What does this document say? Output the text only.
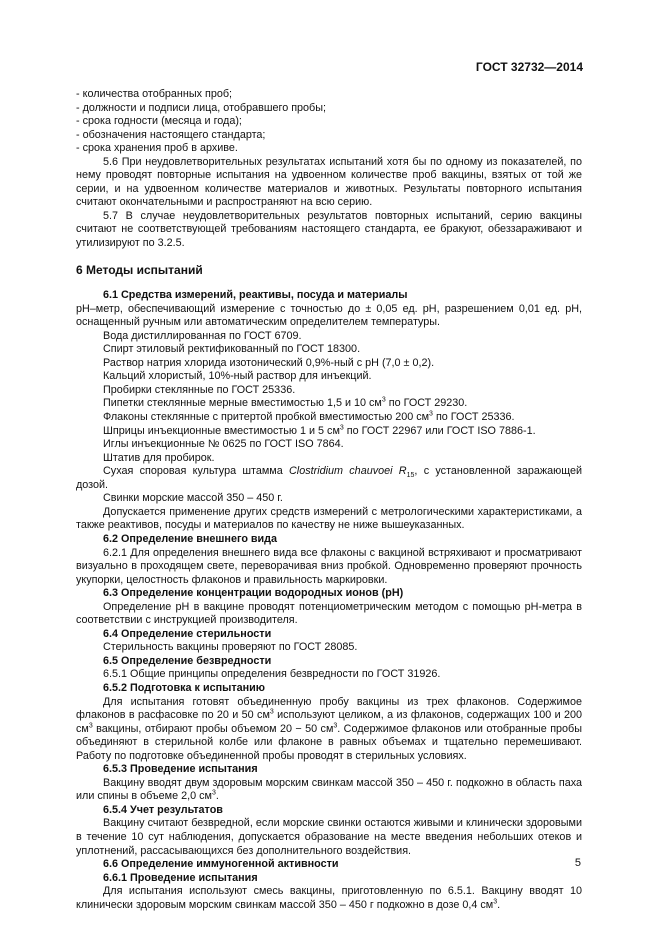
ГОСТ 32732—2014

- количества отобранных проб;

- должности и подписи лица, отобравшего пробы;

- срока годности (месяца и года);

- обозначения настоящего стандарта;

- срока хранения проб в архиве.

5.6 При неудовлетворительных результатах испытаний хотя бы по одному из показателей, по нему проводят повторные испытания на удвоенном количестве проб вакцины, взятых от той же серии, и на удвоенном количестве материалов и животных. Результаты повторного испытания считают окончательными и распространяют на всю серию.

5.7 В случае неудовлетворительных результатов повторных испытаний, серию вакцины считают не соответствующей требованиям настоящего стандарта, ее бракуют, обеззараживают и утилизируют по 3.2.5.

6 Методы испытаний

6.1 Средства измерений, реактивы, посуда и материалы

pH–метр, обеспечивающий измерение с точностью до ± 0,05 ед. pH, разрешением 0,01 ед. pH, оснащенный ручным или автоматическим определителем температуры.

Вода дистиллированная по ГОСТ 6709.

Спирт этиловый ректификованный по ГОСТ 18300.

Раствор натрия хлорида изотонический 0,9%-ный с pH (7,0 ± 0,2).

Кальций хлористый, 10%-ный раствор для инъекций.

Пробирки стеклянные по ГОСТ 25336.

Пипетки стеклянные мерные вместимостью 1,5 и 10 $см^3$ по ГОСТ 29230.

Флаконы стеклянные с притертой пробкой вместимостью 200 $см^3$ по ГОСТ 25336.

Шприцы инъекционные вместимостью 1 и 5 $см^3$ по ГОСТ 22967 или ГОСТ ISO 7886-1.

Иглы инъекционные № 0625 по ГОСТ ISO 7864.

Штатив для пробирок.

Сухая споровая культура штамма Clostridium chauvoei $R_{15}$, с установленной заражающей дозой.

Свинки морские массой 350 – 450 г.

Допускается применение других средств измерений с метрологическими характеристиками, а также реактивов, посуды и материалов по качеству не ниже вышеуказанных.

6.2 Определение внешнего вида

6.2.1 Для определения внешнего вида все флаконы с вакциной встряхивают и просматривают визуально в проходящем свете, переворачивая вниз пробкой. Одновременно проверяют прочность укупорки, целостность флаконов и правильность маркировки.

6.3 Определение концентрации водородных ионов (pH)

Определение pH в вакцине проводят потенциометрическим методом с помощью pH-метра в соответствии с инструкцией производителя.

6.4 Определение стерильности

Стерильность вакцины проверяют по ГОСТ 28085.

6.5 Определение безвредности

6.5.1 Общие принципы определения безвредности по ГОСТ 31926.

6.5.2 Подготовка к испытанию

Для испытания готовят объединенную пробу вакцины из трех флаконов. Содержимое флаконов в расфасовке по 20 и 50 $см^3$ используют целиком, а из флаконов, содержащих 100 и 200 $см^3$ вакцины, отбирают пробы объемом 20 − 50 $см^3$. Содержимое флаконов или отобранные пробы объединяют в стерильной колбе или флаконе в равных объемах и тщательно перемешивают. Работу по подготовке объединенной пробы проводят в стерильных условиях.

6.5.3 Проведение испытания

Вакцину вводят двум здоровым морским свинкам массой 350 – 450 г. подкожно в область паха или спины в объеме 2,0 $см^3$.

6.5.4 Учет результатов

Вакцину считают безвредной, если морские свинки остаются живыми и клинически здоровыми в течение 10 сут наблюдения, допускается образование на месте введения небольших отеков и уплотнений, рассасывающихся без дополнительного воздействия.

6.6 Определение иммуногенной активности

6.6.1 Проведение испытания

Для испытания используют смесь вакцины, приготовленную по 6.5.1. Вакцину вводят 10 клинически здоровым морским свинкам массой 350 – 450 г подкожно в дозе 0,4 $см^3$.

5
